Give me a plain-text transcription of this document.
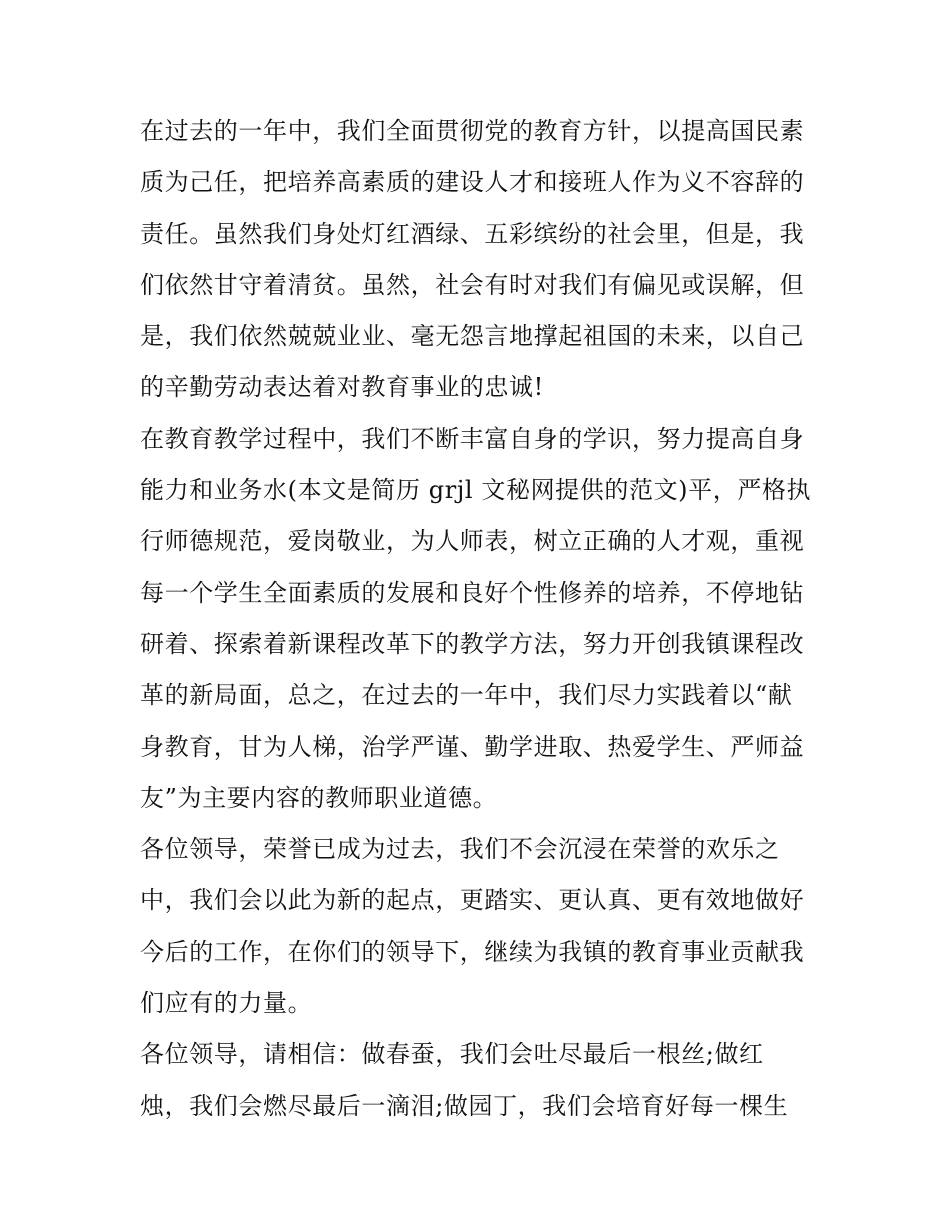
在过去的一年中，我们全面贯彻党的教育方针，以提高国民素
质为己任，把培养高素质的建设人才和接班人作为义不容辞的
责任。虽然我们身处灯红酒绿、五彩缤纷的社会里，但是，我
们依然甘守着清贫。虽然，社会有时对我们有偏见或误解，但
是，我们依然兢兢业业、毫无怨言地撑起祖国的未来，以自己
的辛勤劳动表达着对教育事业的忠诚!
在教育教学过程中，我们不断丰富自身的学识，努力提高自身
能力和业务水(本文是简历 grjl 文秘网提供的范文)平，严格执
行师德规范，爱岗敬业，为人师表，树立正确的人才观，重视
每一个学生全面素质的发展和良好个性修养的培养，不停地钻
研着、探索着新课程改革下的教学方法，努力开创我镇课程改
革的新局面，总之，在过去的一年中，我们尽力实践着以“献
身教育，甘为人梯，治学严谨、勤学进取、热爱学生、严师益
友”为主要内容的教师职业道德。
各位领导，荣誉已成为过去，我们不会沉浸在荣誉的欢乐之
中，我们会以此为新的起点，更踏实、更认真、更有效地做好
今后的工作，在你们的领导下，继续为我镇的教育事业贡献我
们应有的力量。
各位领导，请相信：做春蚕，我们会吐尽最后一根丝;做红
烛，我们会燃尽最后一滴泪;做园丁，我们会培育好每一棵生
